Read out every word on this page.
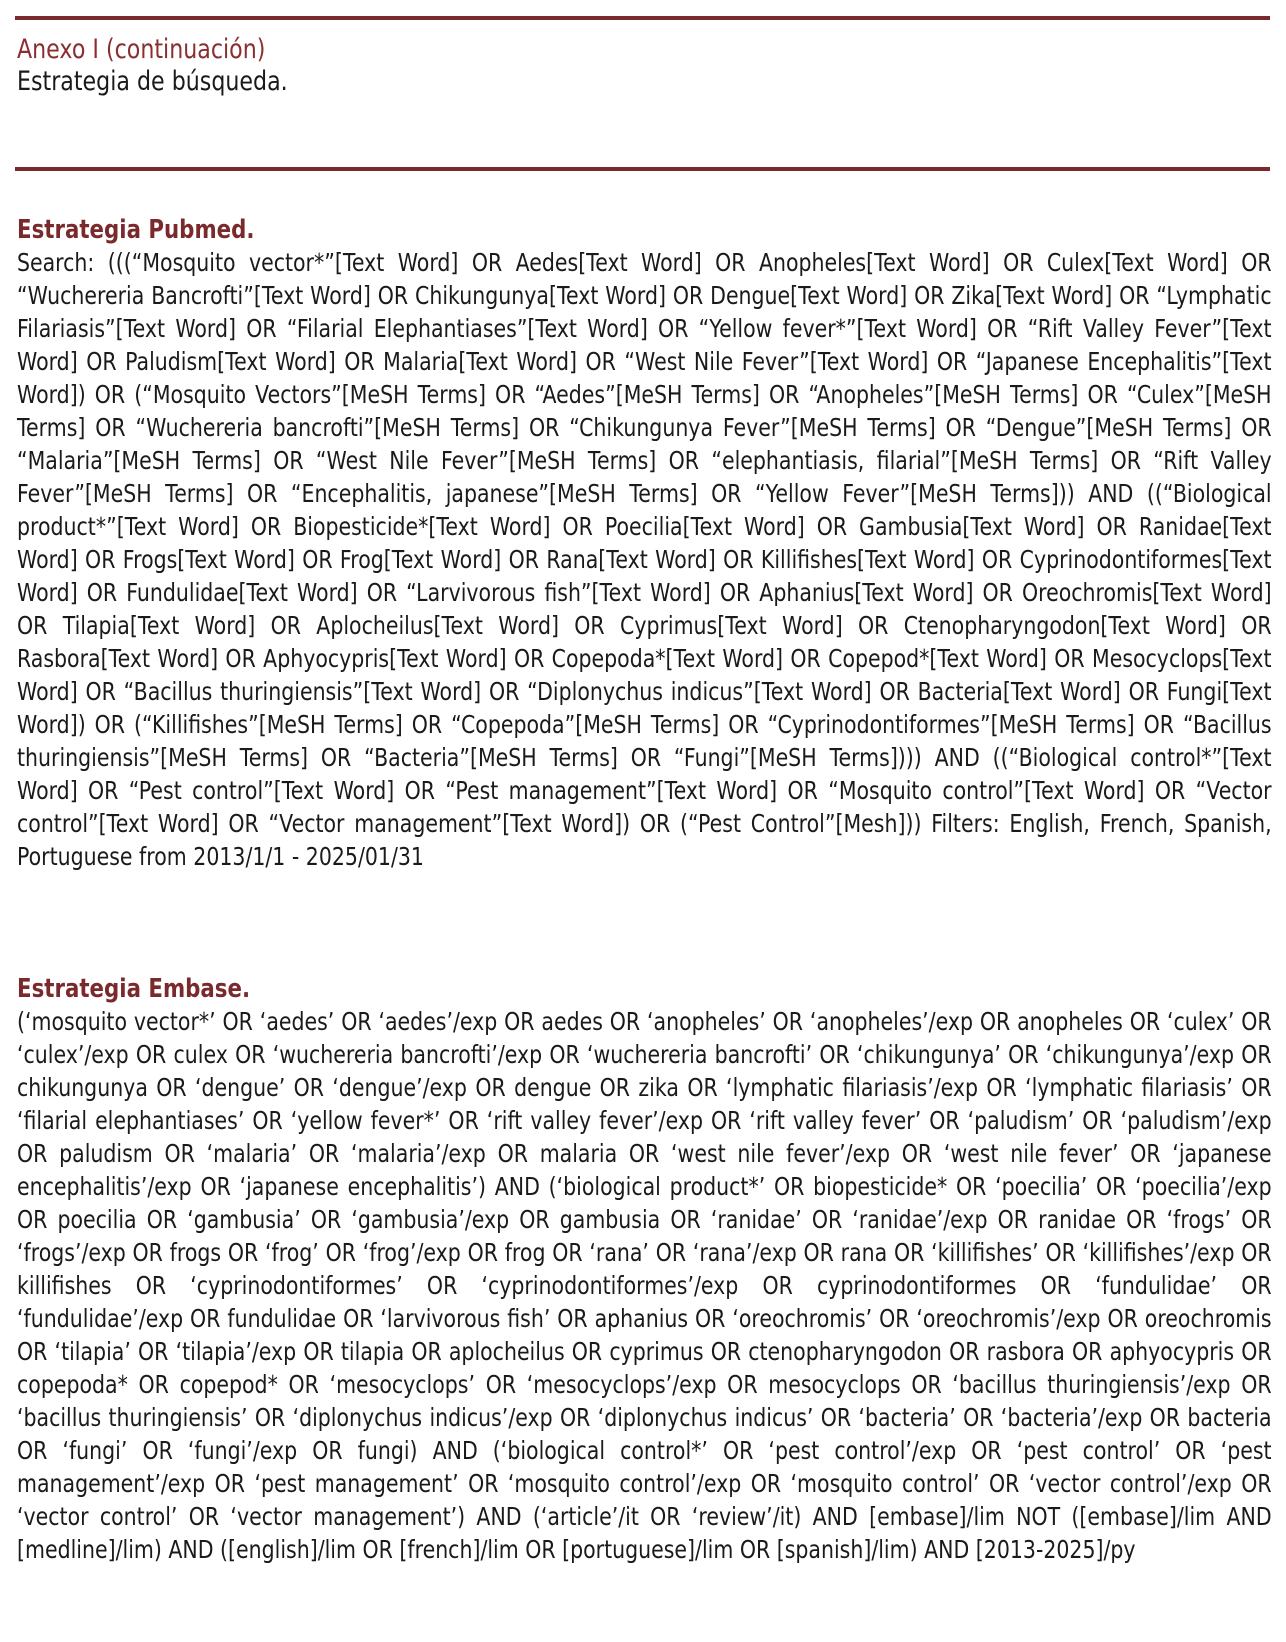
Anexo I (continuación)
Estrategia de búsqueda.
Estrategia Pubmed.
Search: (((“Mosquito vector*”[Text Word] OR Aedes[Text Word] OR Anopheles[Text Word] OR Culex[Text Word] OR “Wuchereria Bancrofti”[Text Word] OR Chikungunya[Text Word] OR Dengue[Text Word] OR Zika[Text Word] OR “Lymphatic Filariasis”[Text Word] OR “Filarial Elephantiases”[Text Word] OR “Yellow fever*”[Text Word] OR “Rift Valley Fever”[Text Word] OR Paludism[Text Word] OR Malaria[Text Word] OR “West Nile Fever”[Text Word] OR “Japanese Encephalitis”[Text Word]) OR (“Mosquito Vectors”[MeSH Terms] OR “Aedes”[MeSH Terms] OR “Anopheles”[MeSH Terms] OR “Culex”[MeSH Terms] OR “Wuchereria bancrofti”[MeSH Terms] OR “Chikungunya Fever”[MeSH Terms] OR “Dengue”[MeSH Terms] OR “Malaria”[MeSH Terms] OR “West Nile Fever”[MeSH Terms] OR “elephantiasis, filarial”[MeSH Terms] OR “Rift Valley Fever”[MeSH Terms] OR “Encephalitis, japanese”[MeSH Terms] OR “Yellow Fever”[MeSH Terms])) AND ((“Biological product*”[Text Word] OR Biopesticide*[Text Word] OR Poecilia[Text Word] OR Gambusia[Text Word] OR Ranidae[Text Word] OR Frogs[Text Word] OR Frog[Text Word] OR Rana[Text Word] OR Killifishes[Text Word] OR Cyprinodontiformes[Text Word] OR Fundulidae[Text Word] OR “Larvivorous fish”[Text Word] OR Aphanius[Text Word] OR Oreochromis[Text Word] OR Tilapia[Text Word] OR Aplocheilus[Text Word] OR Cyprimus[Text Word] OR Ctenopharyngodon[Text Word] OR Rasbora[Text Word] OR Aphyocypris[Text Word] OR Copepoda*[Text Word] OR Copepod*[Text Word] OR Mesocyclops[Text Word] OR “Bacillus thuringiensis”[Text Word] OR “Diplonychus indicus”[Text Word] OR Bacteria[Text Word] OR Fungi[Text Word]) OR (“Killifishes”[MeSH Terms] OR “Copepoda”[MeSH Terms] OR “Cyprinodontiformes”[MeSH Terms] OR “Bacillus thuringiensis”[MeSH Terms] OR “Bacteria”[MeSH Terms] OR “Fungi”[MeSH Terms]))) AND ((“Biological control*”[Text Word] OR “Pest control”[Text Word] OR “Pest management”[Text Word] OR “Mosquito control”[Text Word] OR “Vector control”[Text Word] OR “Vector management”[Text Word]) OR (“Pest Control”[Mesh])) Filters: English, French, Spanish, Portuguese from 2013/1/1 - 2025/01/31
Estrategia Embase.
(‘mosquito vector*’ OR ‘aedes’ OR ‘aedes’/exp OR aedes OR ‘anopheles’ OR ‘anopheles’/exp OR anopheles OR ‘culex’ OR ‘culex’/exp OR culex OR ‘wuchereria bancrofti’/exp OR ‘wuchereria bancrofti’ OR ‘chikungunya’ OR ‘chikungunya’/exp OR chikungunya OR ‘dengue’ OR ‘dengue’/exp OR dengue OR zika OR ‘lymphatic filariasis’/exp OR ‘lymphatic filariasis’ OR ‘filarial elephantiases’ OR ‘yellow fever*’ OR ‘rift valley fever’/exp OR ‘rift valley fever’ OR ‘paludism’ OR ‘paludism’/exp OR paludism OR ‘malaria’ OR ‘malaria’/exp OR malaria OR ‘west nile fever’/exp OR ‘west nile fever’ OR ‘japanese encephalitis’/exp OR ‘japanese encephalitis’) AND (‘biological product*’ OR biopesticide* OR ‘poecilia’ OR ‘poecilia’/exp OR poecilia OR ‘gambusia’ OR ‘gambusia’/exp OR gambusia OR ‘ranidae’ OR ‘ranidae’/exp OR ranidae OR ‘frogs’ OR ‘frogs’/exp OR frogs OR ‘frog’ OR ‘frog’/exp OR frog OR ‘rana’ OR ‘rana’/exp OR rana OR ‘killifishes’ OR ‘killifishes’/exp OR killifishes OR ‘cyprinodontiformes’ OR ‘cyprinodontiformes’/exp OR cyprinodontiformes OR ‘fundulidae’ OR ‘fundulidae’/exp OR fundulidae OR ‘larvivorous fish’ OR aphanius OR ‘oreochromis’ OR ‘oreochromis’/exp OR oreochromis OR ‘tilapia’ OR ‘tilapia’/exp OR tilapia OR aplocheilus OR cyprimus OR ctenopharyngodon OR rasbora OR aphyocypris OR copepoda* OR copepod* OR ‘mesocyclops’ OR ‘mesocyclops’/exp OR mesocyclops OR ‘bacillus thuringiensis’/exp OR ‘bacillus thuringiensis’ OR ‘diplonychus indicus’/exp OR ‘diplonychus indicus’ OR ‘bacteria’ OR ‘bacteria’/exp OR bacteria OR ‘fungi’ OR ‘fungi’/exp OR fungi) AND (‘biological control*’ OR ‘pest control’/exp OR ‘pest control’ OR ‘pest management’/exp OR ‘pest management’ OR ‘mosquito control’/exp OR ‘mosquito control’ OR ‘vector control’/exp OR ‘vector control’ OR ‘vector management’) AND (‘article’/it OR ‘review’/it) AND [embase]/lim NOT ([embase]/lim AND [medline]/lim) AND ([english]/lim OR [french]/lim OR [portuguese]/lim OR [spanish]/lim) AND [2013-2025]/py
